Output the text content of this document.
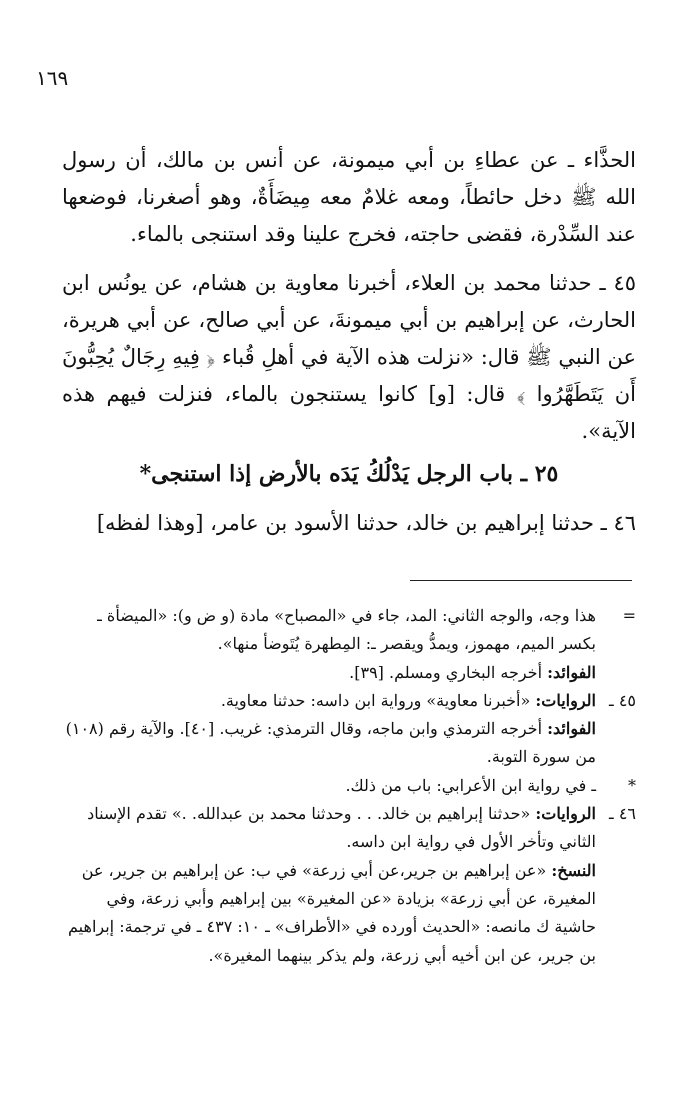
١٦٩

الحذَّاء ـ عن عطاءِ بن أبي ميمونة، عن أنس بن مالك، أن رسول الله ﷺ دخل حائطاً، ومعه غلامٌ معه مِيضَأَةٌ، وهو أصغرنا، فوضعها عند السِّدْرة، فقضى حاجته، فخرج علينا وقد استنجى بالماء.

٤٥ ـ حدثنا محمد بن العلاء، أخبرنا معاوية بن هشام، عن يونُس ابن الحارث، عن إبراهيم بن أبي ميمونةَ، عن أبي صالح، عن أبي هريرة، عن النبي ﷺ قال: «نزلت هذه الآية في أهلِ قُباء ﴿ فِيهِ رِجَالٌ يُحِبُّونَ أَن يَتَطَهَّرُوا ﴾ قال: [و] كانوا يستنجون بالماء، فنزلت فيهم هذه الآية».

٢٥ ـ باب الرجل يَدْلُكُ يَدَه بالأرض إذا استنجى*

٤٦ ـ حدثنا إبراهيم بن خالد، حدثنا الأسود بن عامر، [وهذا لفظه]

=
هذا وجه، والوجه الثاني: المد، جاء في «المصباح» مادة (و ض و): «الميضأة ـ بكسر الميم، مهموز، ويمدُّ ويقصر ـ: المِطهرة يُتَوضأ منها».

الفوائد: أخرجه البخاري ومسلم. [٣٩].

٤٥ ـ
الروايات: «أخبرنا معاوية» ورواية ابن داسه: حدثنا معاوية.

الفوائد: أخرجه الترمذي وابن ماجه، وقال الترمذي: غريب. [٤٠]. والآية رقم (١٠٨) من سورة التوبة.

*
ـ في رواية ابن الأعرابي: باب من ذلك.

٤٦ ـ
الروايات: «حدثنا إبراهيم بن خالد. . . وحدثنا محمد بن عبدالله. .» تقدم الإسناد الثاني وتأخر الأول في رواية ابن داسه.

النسخ: «عن إبراهيم بن جرير،عن أبي زرعة» في ب: عن إبراهيم بن جرير، عن المغيرة، عن أبي زرعة» بزيادة «عن المغيرة» بين إبراهيم وأبي زرعة، وفي حاشية ك مانصه: «الحديث أورده في «الأطراف» ـ ١٠: ٤٣٧ ـ في ترجمة: إبراهيم بن جرير، عن ابن أخيه أبي زرعة، ولم يذكر بينهما المغيرة».
